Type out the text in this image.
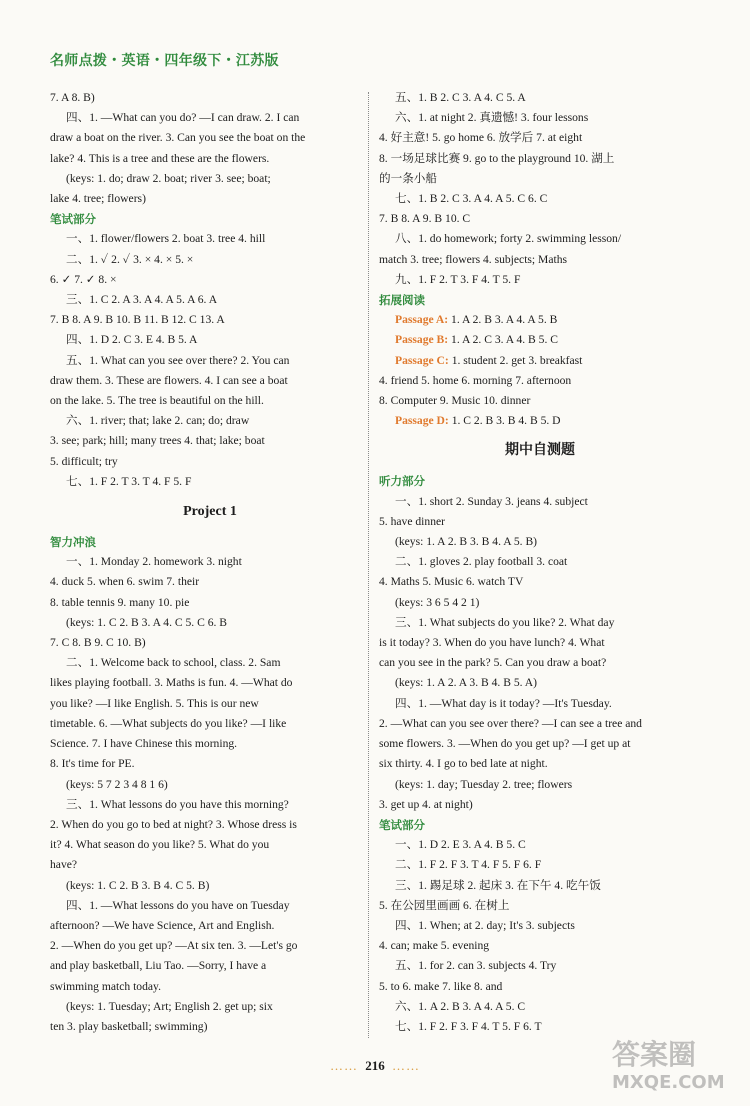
名师点拨・英语・四年级下・江苏版
7. A 8. B)
四、1. —What can you do? —I can draw. 2. I can
draw a boat on the river. 3. Can you see the boat on the
lake? 4. This is a tree and these are the flowers.
(keys: 1. do; draw 2. boat; river 3. see; boat;
lake 4. tree; flowers)
笔试部分
一、1. flower/flowers 2. boat 3. tree 4. hill
二、1. ✓ 2. ✓ 3. × 4. × 5. ×
6. ✓ 7. ✓ 8. ×
三、1. C 2. A 3. A 4. A 5. A 6. A
7. B 8. A 9. B 10. B 11. B 12. C 13. A
四、1. D 2. C 3. E 4. B 5. A
五、1. What can you see over there? 2. You can
draw them. 3. These are flowers. 4. I can see a boat
on the lake. 5. The tree is beautiful on the hill.
六、1. river; that; lake 2. can; do; draw
3. see; park; hill; many trees 4. that; lake; boat
5. difficult; try
七、1. F 2. T 3. T 4. F 5. F
Project 1
智力冲浪
一、1. Monday 2. homework 3. night
4. duck 5. when 6. swim 7. their
8. table tennis 9. many 10. pie
(keys: 1. C 2. B 3. A 4. C 5. C 6. B
7. C 8. B 9. C 10. B)
二、1. Welcome back to school, class. 2. Sam
likes playing football. 3. Maths is fun. 4. —What do
you like? —I like English. 5. This is our new
timetable. 6. —What subjects do you like? —I like
Science. 7. I have Chinese this morning.
8. It's time for PE.
(keys: 5 7 2 3 4 8 1 6)
三、1. What lessons do you have this morning?
2. When do you go to bed at night? 3. Whose dress is
it? 4. What season do you like? 5. What do you
have?
(keys: 1. C 2. B 3. B 4. C 5. B)
四、1. —What lessons do you have on Tuesday
afternoon? —We have Science, Art and English.
2. —When do you get up? —At six ten. 3. —Let's go
and play basketball, Liu Tao. —Sorry, I have a
swimming match today.
(keys: 1. Tuesday; Art; English 2. get up; six
ten 3. play basketball; swimming)
五、1. B 2. C 3. A 4. C 5. A
六、1. at night 2. 真遗憾! 3. four lessons
4. 好主意! 5. go home 6. 放学后 7. at eight
8. 一场足球比赛 9. go to the playground 10. 湖上
的一条小船
七、1. B 2. C 3. A 4. A 5. C 6. C
7. B 8. A 9. B 10. C
八、1. do homework; forty 2. swimming lesson/
match 3. tree; flowers 4. subjects; Maths
九、1. F 2. T 3. F 4. T 5. F
拓展阅读
Passage A: 1. A 2. B 3. A 4. A 5. B
Passage B: 1. A 2. C 3. A 4. B 5. C
Passage C: 1. student 2. get 3. breakfast
4. friend 5. home 6. morning 7. afternoon
8. Computer 9. Music 10. dinner
Passage D: 1. C 2. B 3. B 4. B 5. D
期中自测题
听力部分
一、1. short 2. Sunday 3. jeans 4. subject
5. have dinner
(keys: 1. A 2. B 3. B 4. A 5. B)
二、1. gloves 2. play football 3. coat
4. Maths 5. Music 6. watch TV
(keys: 3 6 5 4 2 1)
三、1. What subjects do you like? 2. What day
is it today? 3. When do you have lunch? 4. What
can you see in the park? 5. Can you draw a boat?
(keys: 1. A 2. A 3. B 4. B 5. A)
四、1. —What day is it today? —It's Tuesday.
2. —What can you see over there? —I can see a tree and
some flowers. 3. —When do you get up? —I get up at
six thirty. 4. I go to bed late at night.
(keys: 1. day; Tuesday 2. tree; flowers
3. get up 4. at night)
笔试部分
一、1. D 2. E 3. A 4. B 5. C
二、1. F 2. F 3. T 4. F 5. F 6. F
三、1. 踢足球 2. 起床 3. 在下午 4. 吃午饭
5. 在公园里画画 6. 在树上
四、1. When; at 2. day; It's 3. subjects
4. can; make 5. evening
五、1. for 2. can 3. subjects 4. Try
5. to 6. make 7. like 8. and
六、1. A 2. B 3. A 4. A 5. C
七、1. F 2. F 3. F 4. T 5. F 6. T
…… 216 ……	答案圈
MXQE.COM
